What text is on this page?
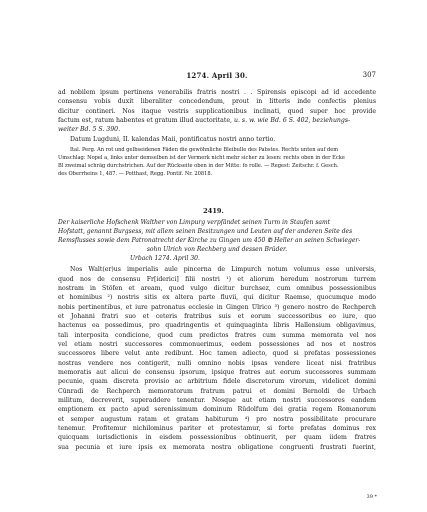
1274. April 30.	307
ad nobilem ipsum pertinens venerabilis fratris nostri . . Spirensis episcopi ad id accedente
consensu vobis duxit liberaliter concedendum, prout in litteris inde confectis plenius
dicitur contineri. Nos itaque vestris supplicationibus inclinati, quod super hoc provide
factum est, ratum habentes et gratum illud auctoritate, u. s. w. wie Bd. 6 S. 402, beziehungs-
weiter Bd. 5 S. 390.
Datum Lugduni, II. kalendas Maii, pontificatus nostri anno tertio.
Ital. Perg. An rot und gelbseidenen Fäden die gewöhnliche Bleibulle des Pabstes. Rechts unten auf dem
Umschlag: Nopel a, links unter demselben ist der Vermerk nicht mehr sicher zu lesen: rechts oben in der Ecke
Bl zweimal schräg durchstrichen. Auf der Rückseite oben in der Mitte: fo rolle. — Regest: Zeitschr. f. Gesch.
des Oberrheins 1, 487. — Potthast, Regg. Pontif. Nr. 20818.
2419.
Der kaiserliche Hofschenk Walther von Limpurg verpfändet seinen Turm in Staufen samt
Hofstatt, genannt Burgsess, mit allem seinen Besitzungen und Leuten auf der anderen Seite des
Remsflusses sowie dem Patronatrecht der Kirche zu Gingen um 450 ℔ Heller an seinen Schwieger-
sohn Ulrich von Rechberg und dessen Brüder.
Urbach 1274. April 30.
Nos Walt(er)us imperialis aule pincerna de Limpurch notum volumus esse universis,
quod nos de consensu Fr[iderici] filii nostri ¹) et aliorum heredum nostrorum turrem
nostram in Stöfen et aream, quod vulgo dicitur burchsez, cum omnibus possessionibus
et hominibus ²) nostris sitis ex altera parte fluvii, qui dicitur Raemse, quocumque modo
nobis pertinentibus, et iure patronatus ecclesie in Gingen Ůlrico ³) genero nostro de Rechperch
et Johanni fratri suo et ceteris fratribus suis et eorum successoribus eo iure, quo
hactenus ea possedimus, pro quadringentis et quinquaginta libris Hallensium obligavimus,
tali interposita condicione, quod cum predictos fratres cum summa memorata vel nos
vel etiam nostri successores commonuerimus, eedem possessiones ad nos et nostros
successores libere velut ante redibunt. Hoc tamen adiecto, quod si prefatas possessiones
nostras vendere nos contigerit, nulli omnino nobis ipsas vendere liceat nisi fratribus
memoratis aut alicui de consensu ipsorum, ipsique fratres aut eorum successores summam
pecunie, quam discreta provisio ac arbitrium fidele discretorum virorum, videlicet domini
Cůnradi de Rechperch memoratorum fratrum patrui et domini Bernoldi de Urbach
militum, decreverit, superaddere tenentur. Nosque aut etiam nostri successores eandem
emptionem ex pacto apud serenissimum dominum Růdolfum dei gratia regem Romanorum
et semper augustum rațam et gratam habiturum ⁴) pro nostra possibilitate procurare
tenemur. Profitemur nichilominus pariter et protestamur, si forte prefatas dominus rex
quicquam iurisdictionis in eisdem possessionibus obtinuerit, per quam iidem fratres
sua pecunia et iure ipsis ex memorata nostra obligatione congruenti frustrati fuerint,
39 *
